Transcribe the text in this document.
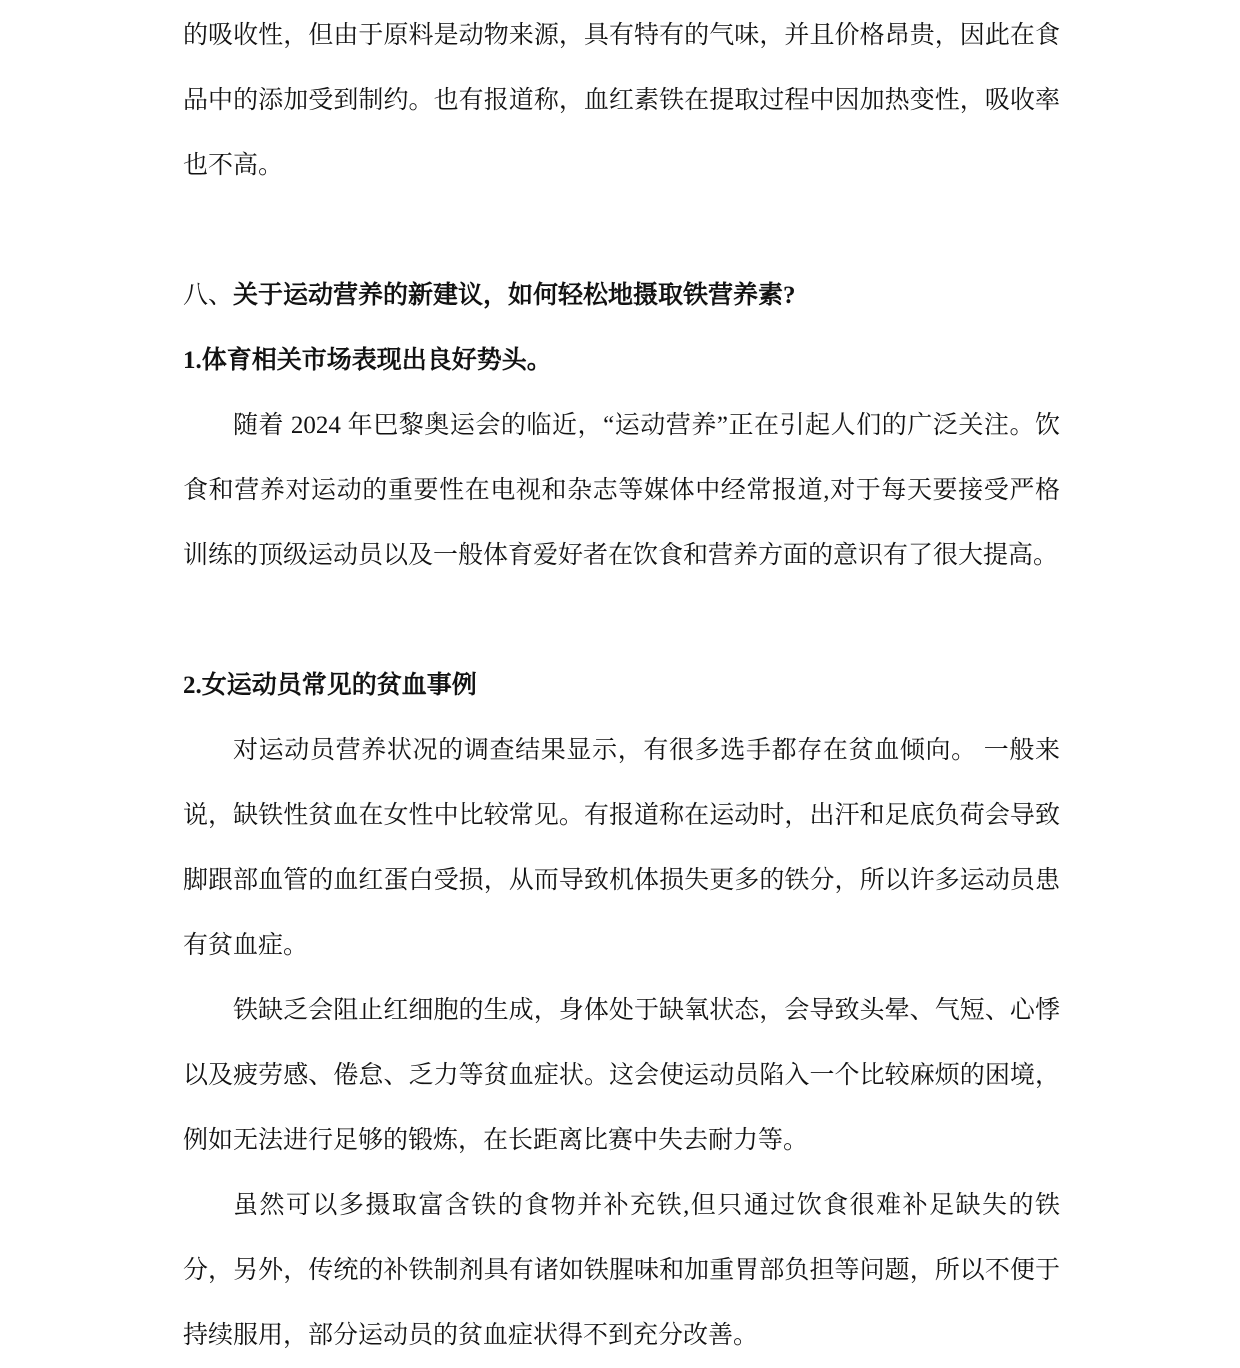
的吸收性，但由于原料是动物来源，具有特有的气味，并且价格昂贵，因此在食品中的添加受到制约。也有报道称，血红素铁在提取过程中因加热变性，吸收率也不高。

八、关于运动营养的新建议，如何轻松地摄取铁营养素?
1.体育相关市场表现出良好势头。

随着 2024 年巴黎奥运会的临近，“运动营养”正在引起人们的广泛关注。饮食和营养对运动的重要性在电视和杂志等媒体中经常报道,对于每天要接受严格训练的顶级运动员以及一般体育爱好者在饮食和营养方面的意识有了很大提高。

2.女运动员常见的贫血事例

对运动员营养状况的调查结果显示，有很多选手都存在贫血倾向。 一般来说，缺铁性贫血在女性中比较常见。有报道称在运动时，出汗和足底负荷会导致脚跟部血管的血红蛋白受损，从而导致机体损失更多的铁分，所以许多运动员患有贫血症。

铁缺乏会阻止红细胞的生成，身体处于缺氧状态，会导致头晕、气短、心悸以及疲劳感、倦怠、乏力等贫血症状。这会使运动员陷入一个比较麻烦的困境，例如无法进行足够的锻炼，在长距离比赛中失去耐力等。

虽然可以多摄取富含铁的食物并补充铁,但只通过饮食很难补足缺失的铁分，另外，传统的补铁制剂具有诸如铁腥味和加重胃部负担等问题，所以不便于持续服用，部分运动员的贫血症状得不到充分改善。
